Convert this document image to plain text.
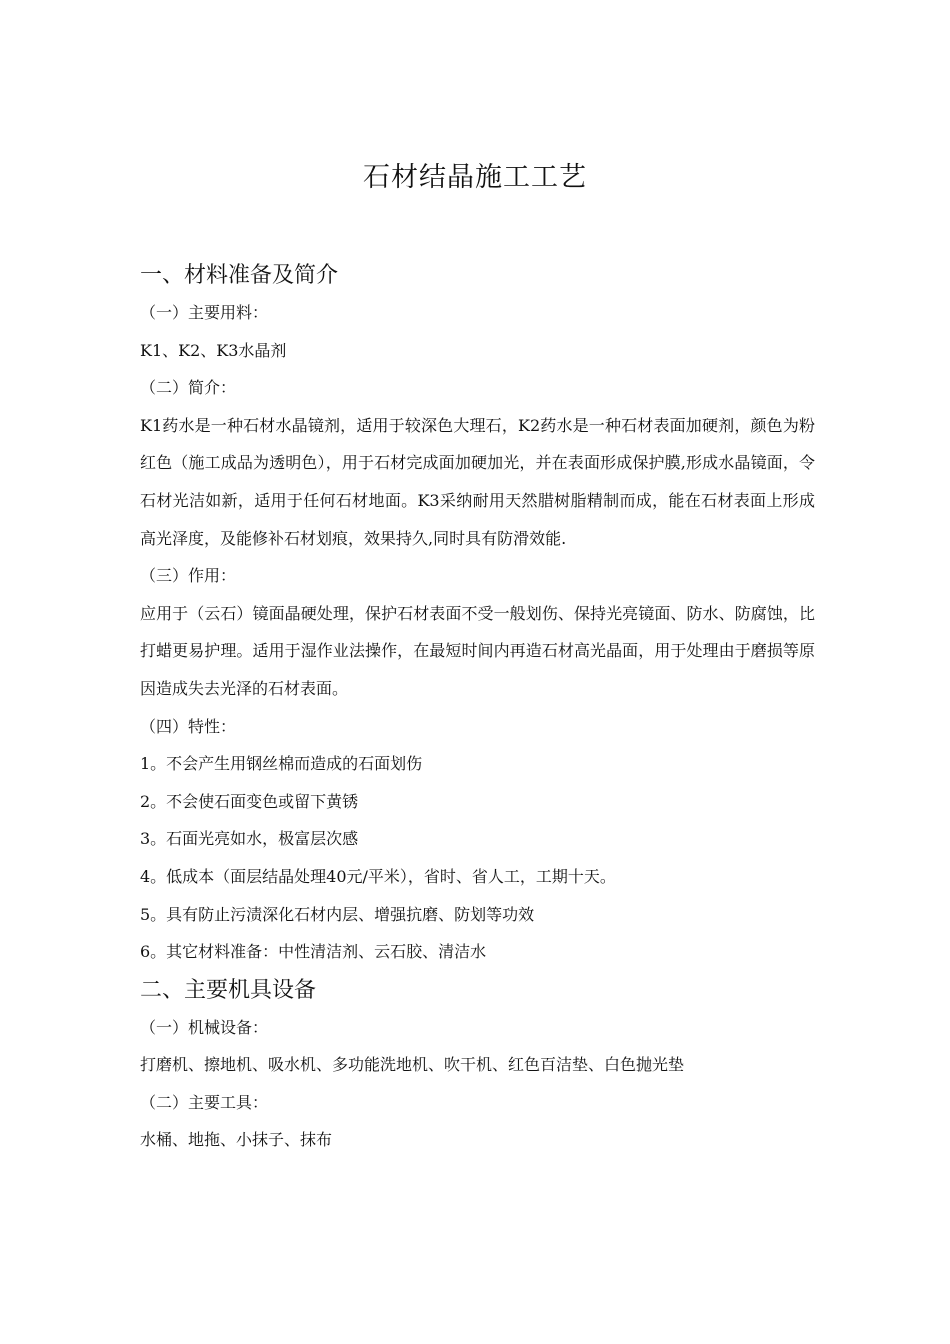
石材结晶施工工艺
一、材料准备及简介

（一）主要用料：

K1、K2、K3水晶剂

（二）简介：

K1药水是一种石材水晶镜剂，适用于较深色大理石，K2药水是一种石材表面加硬剂，颜色为粉红色（施工成品为透明色），用于石材完成面加硬加光，并在表面形成保护膜,形成水晶镜面，令石材光洁如新，适用于任何石材地面。K3采纳耐用天然腊树脂精制而成，能在石材表面上形成高光泽度，及能修补石材划痕，效果持久,同时具有防滑效能.

（三）作用：

应用于（云石）镜面晶硬处理，保护石材表面不受一般划伤、保持光亮镜面、防水、防腐蚀，比打蜡更易护理。适用于湿作业法操作，在最短时间内再造石材高光晶面，用于处理由于磨损等原因造成失去光泽的石材表面。

（四）特性：

1。不会产生用钢丝棉而造成的石面划伤

2。不会使石面变色或留下黄锈

3。石面光亮如水，极富层次感

4。低成本（面层结晶处理40元/平米），省时、省人工，工期十天。

5。具有防止污渍深化石材内层、增强抗磨、防划等功效

6。其它材料准备：中性清洁剂、云石胶、清洁水

二、主要机具设备

（一）机械设备：

打磨机、擦地机、吸水机、多功能洗地机、吹干机、红色百洁垫、白色抛光垫

（二）主要工具：

水桶、地拖、小抹子、抹布
